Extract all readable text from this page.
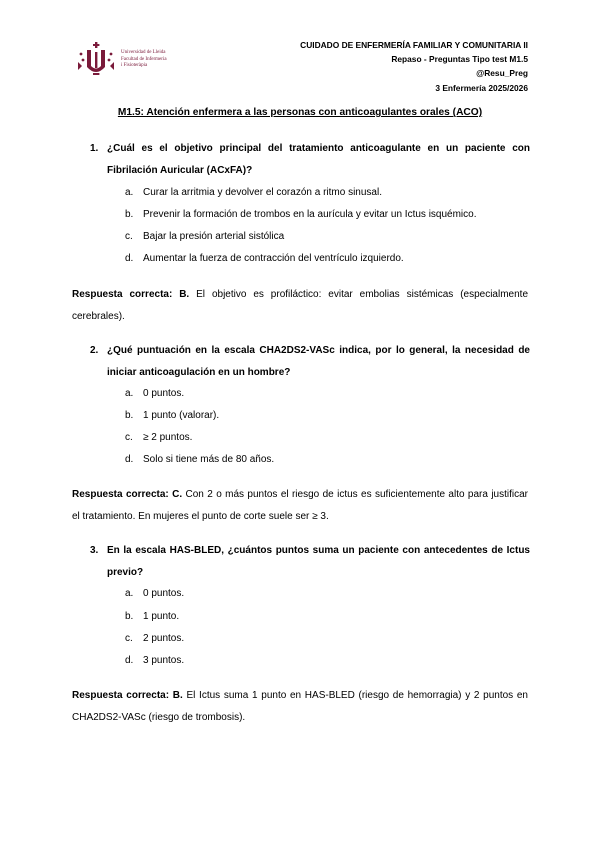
Universidad de Lleida
Facultad de Infermeria
i Fisioteràpia
CUIDADO DE ENFERMERÍA FAMILIAR Y COMUNITARIA II
Repaso - Preguntas Tipo test M1.5
@Resu_Preg
3 Enfermería 2025/2026
M1.5: Atención enfermera a las personas con anticoagulantes orales (ACO)
1. ¿Cuál es el objetivo principal del tratamiento anticoagulante en un paciente con Fibrilación Auricular (ACxFA)?
a. Curar la arritmia y devolver el corazón a ritmo sinusal.
b. Prevenir la formación de trombos en la aurícula y evitar un Ictus isquémico.
c. Bajar la presión arterial sistólica
d. Aumentar la fuerza de contracción del ventrículo izquierdo.
Respuesta correcta: B. El objetivo es profiláctico: evitar embolias sistémicas (especialmente cerebrales).
2. ¿Qué puntuación en la escala CHA2DS2-VASc indica, por lo general, la necesidad de iniciar anticoagulación en un hombre?
a. 0 puntos.
b. 1 punto (valorar).
c. ≥ 2 puntos.
d. Solo si tiene más de 80 años.
Respuesta correcta: C. Con 2 o más puntos el riesgo de ictus es suficientemente alto para justificar el tratamiento. En mujeres el punto de corte suele ser ≥ 3.
3. En la escala HAS-BLED, ¿cuántos puntos suma un paciente con antecedentes de Ictus previo?
a. 0 puntos.
b. 1 punto.
c. 2 puntos.
d. 3 puntos.
Respuesta correcta: B. El Ictus suma 1 punto en HAS-BLED (riesgo de hemorragia) y 2 puntos en CHA2DS2-VASc (riesgo de trombosis).
